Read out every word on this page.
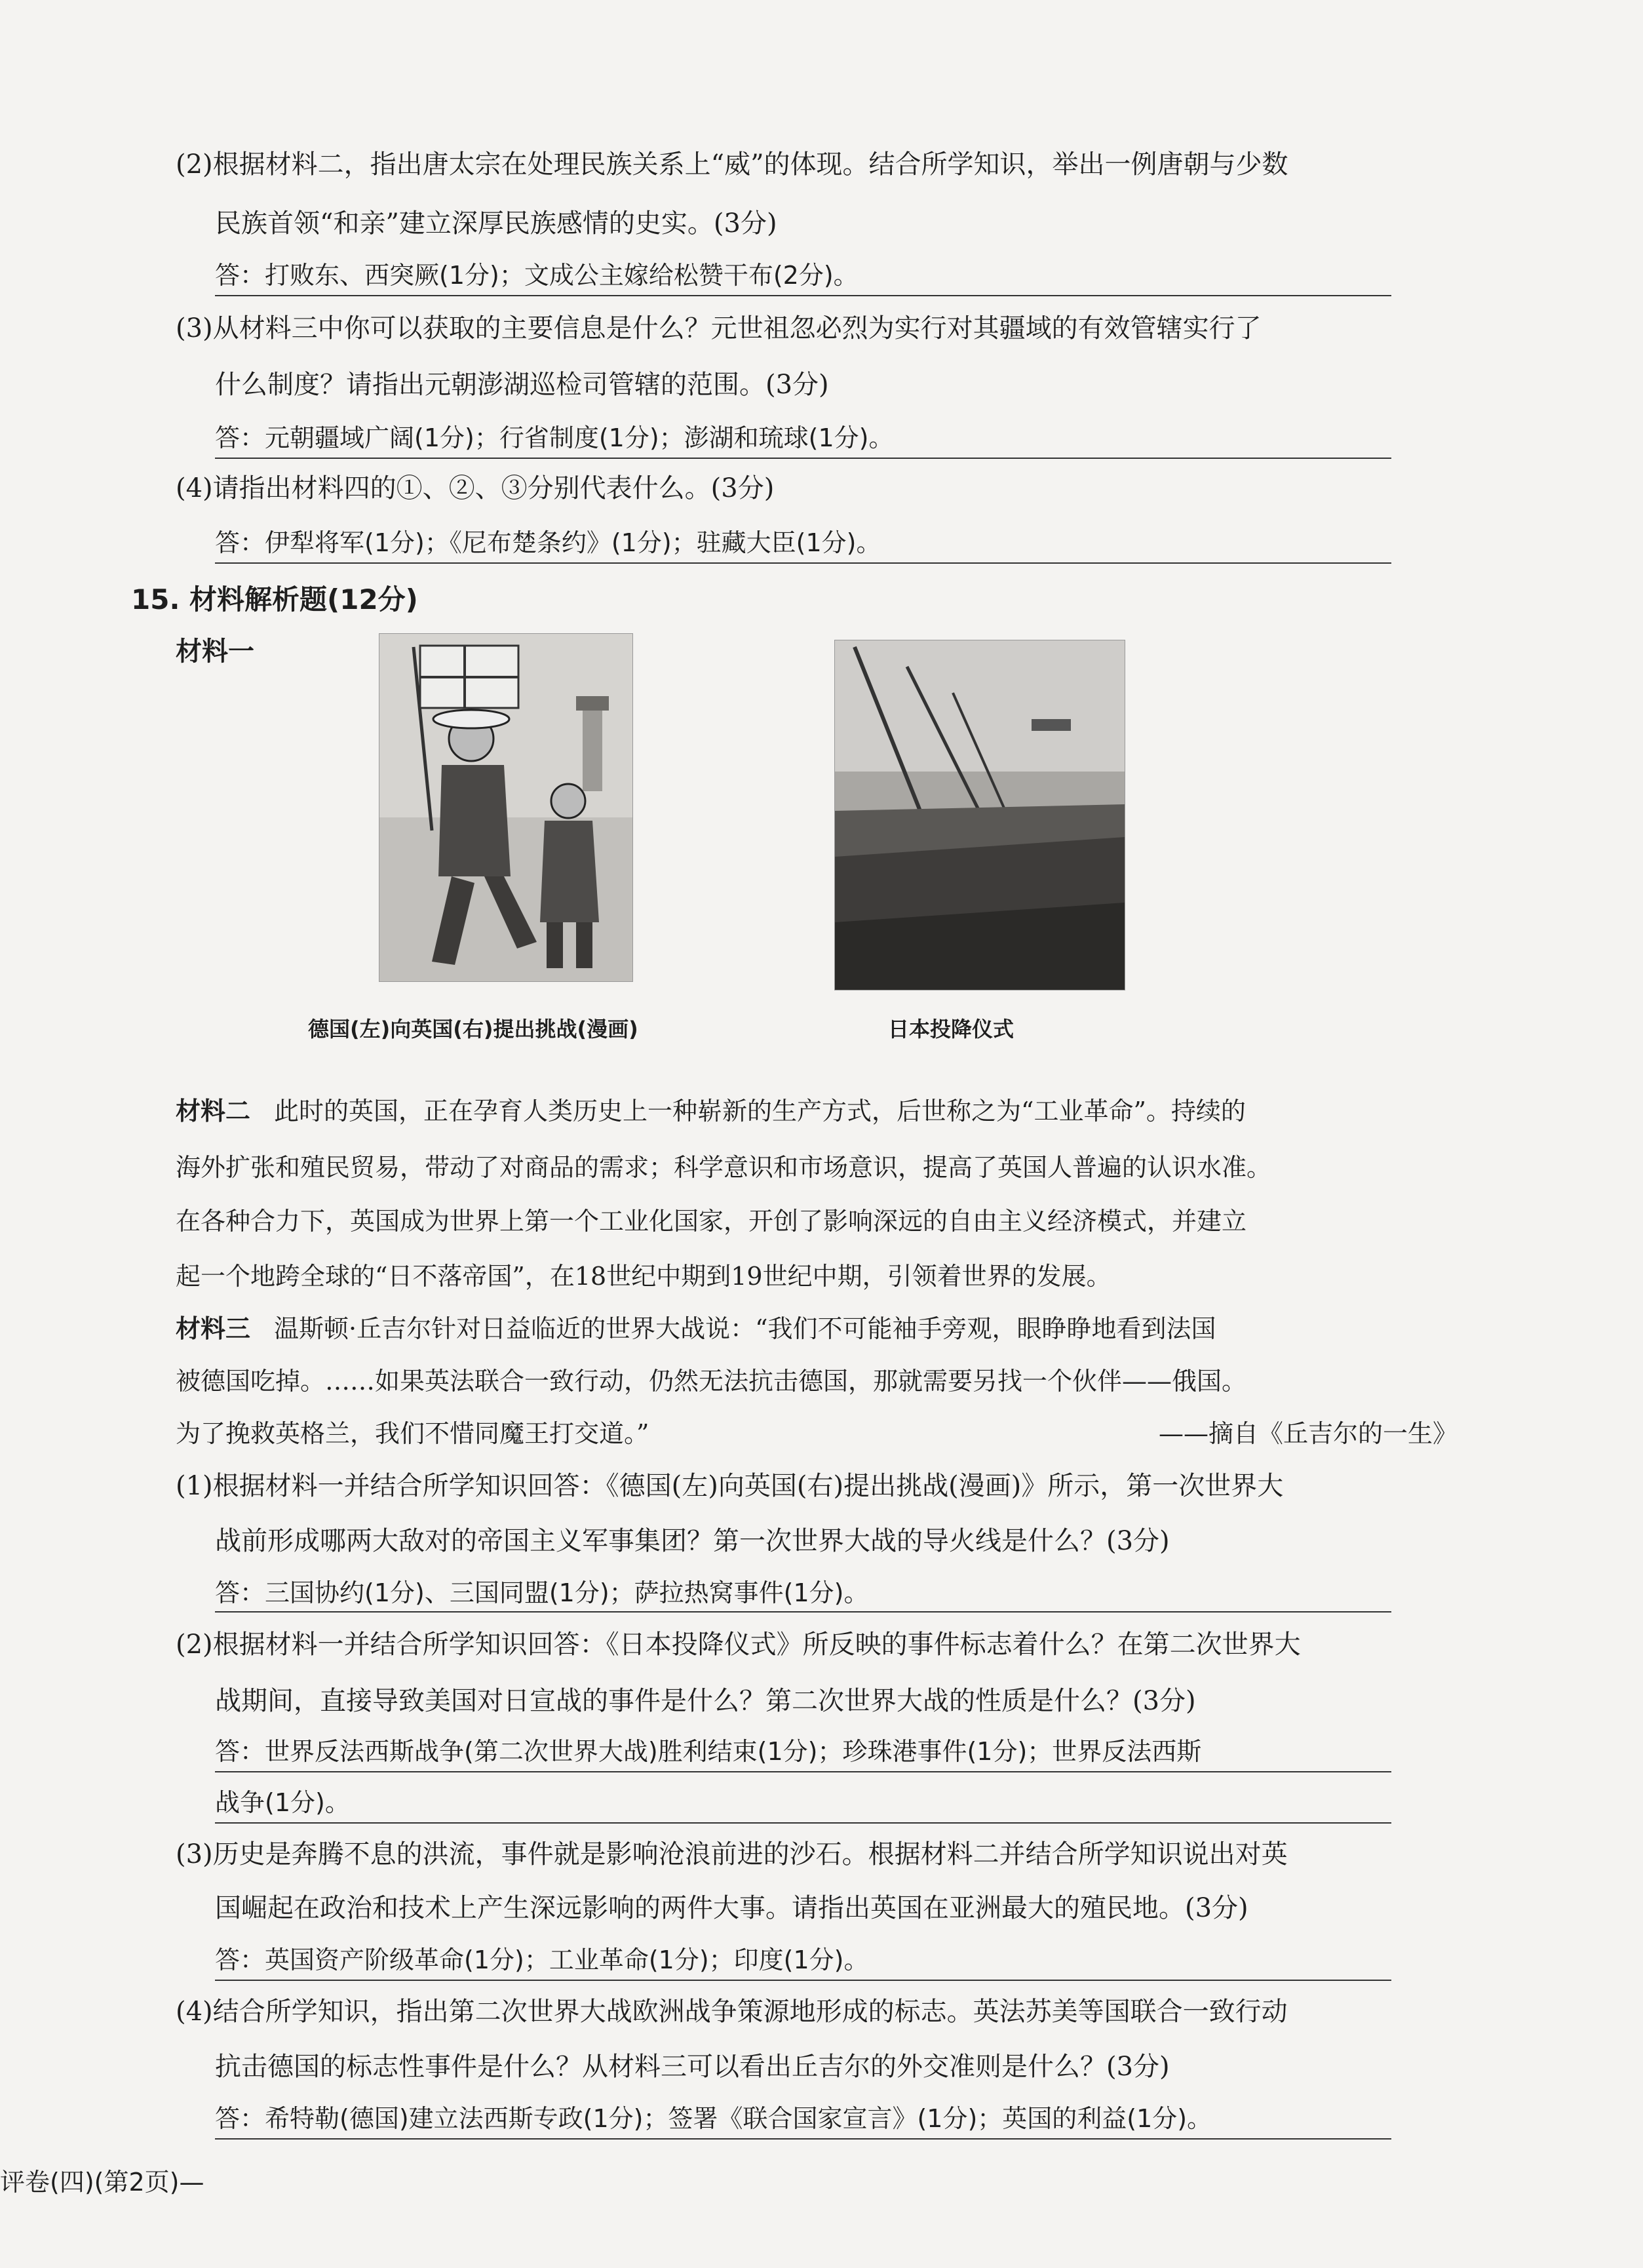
(2)根据材料二，指出唐太宗在处理民族关系上“威”的体现。结合所学知识，举出一例唐朝与少数
民族首领“和亲”建立深厚民族感情的史实。(3分)
答：打败东、西突厥(1分)；文成公主嫁给松赞干布(2分)。
(3)从材料三中你可以获取的主要信息是什么？元世祖忽必烈为实行对其疆域的有效管辖实行了
什么制度？请指出元朝澎湖巡检司管辖的范围。(3分)
答：元朝疆域广阔(1分)；行省制度(1分)；澎湖和琉球(1分)。
(4)请指出材料四的①、②、③分别代表什么。(3分)
答：伊犁将军(1分)；《尼布楚条约》(1分)；驻藏大臣(1分)。
15. 材料解析题(12分)
材料一
德国(左)向英国(右)提出挑战(漫画)	日本投降仪式
材料二 此时的英国，正在孕育人类历史上一种崭新的生产方式，后世称之为“工业革命”。持续的
海外扩张和殖民贸易，带动了对商品的需求；科学意识和市场意识，提高了英国人普遍的认识水准。
在各种合力下，英国成为世界上第一个工业化国家，开创了影响深远的自由主义经济模式，并建立
起一个地跨全球的“日不落帝国”，在18世纪中期到19世纪中期，引领着世界的发展。
材料三 温斯顿·丘吉尔针对日益临近的世界大战说：“我们不可能袖手旁观，眼睁睁地看到法国
被德国吃掉。……如果英法联合一致行动，仍然无法抗击德国，那就需要另找一个伙伴——俄国。
为了挽救英格兰，我们不惜同魔王打交道。”	——摘自《丘吉尔的一生》
(1)根据材料一并结合所学知识回答：《德国(左)向英国(右)提出挑战(漫画)》所示，第一次世界大
战前形成哪两大敌对的帝国主义军事集团？第一次世界大战的导火线是什么？(3分)
答：三国协约(1分)、三国同盟(1分)；萨拉热窝事件(1分)。
(2)根据材料一并结合所学知识回答：《日本投降仪式》所反映的事件标志着什么？在第二次世界大
战期间，直接导致美国对日宣战的事件是什么？第二次世界大战的性质是什么？(3分)
答：世界反法西斯战争(第二次世界大战)胜利结束(1分)；珍珠港事件(1分)；世界反法西斯
战争(1分)。
(3)历史是奔腾不息的洪流，事件就是影响沧浪前进的沙石。根据材料二并结合所学知识说出对英
国崛起在政治和技术上产生深远影响的两件大事。请指出英国在亚洲最大的殖民地。(3分)
答：英国资产阶级革命(1分)；工业革命(1分)；印度(1分)。
(4)结合所学知识，指出第二次世界大战欧洲战争策源地形成的标志。英法苏美等国联合一致行动
抗击德国的标志性事件是什么？从材料三可以看出丘吉尔的外交准则是什么？(3分)
答：希特勒(德国)建立法西斯专政(1分)；签署《联合国家宣言》(1分)；英国的利益(1分)。
评卷(四)(第2页)—
